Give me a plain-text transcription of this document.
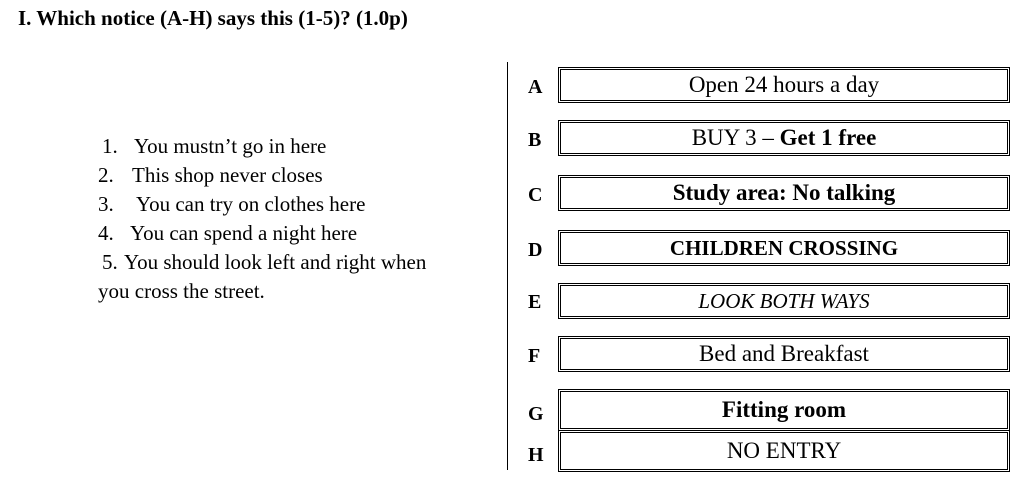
I. Which notice (A-H) says this (1-5)? (1.0p)
1. You mustn’t go in here
2. This shop never closes
3. You can try on clothes here
4. You can spend a night here
5. You should look left and right when
you cross the street.
A	Open 24 hours a day
B	BUY 3 – Get 1 free
C	Study area: No talking
D	CHILDREN CROSSING
E	LOOK BOTH WAYS
F	Bed and Breakfast
G	Fitting room
H	NO ENTRY
